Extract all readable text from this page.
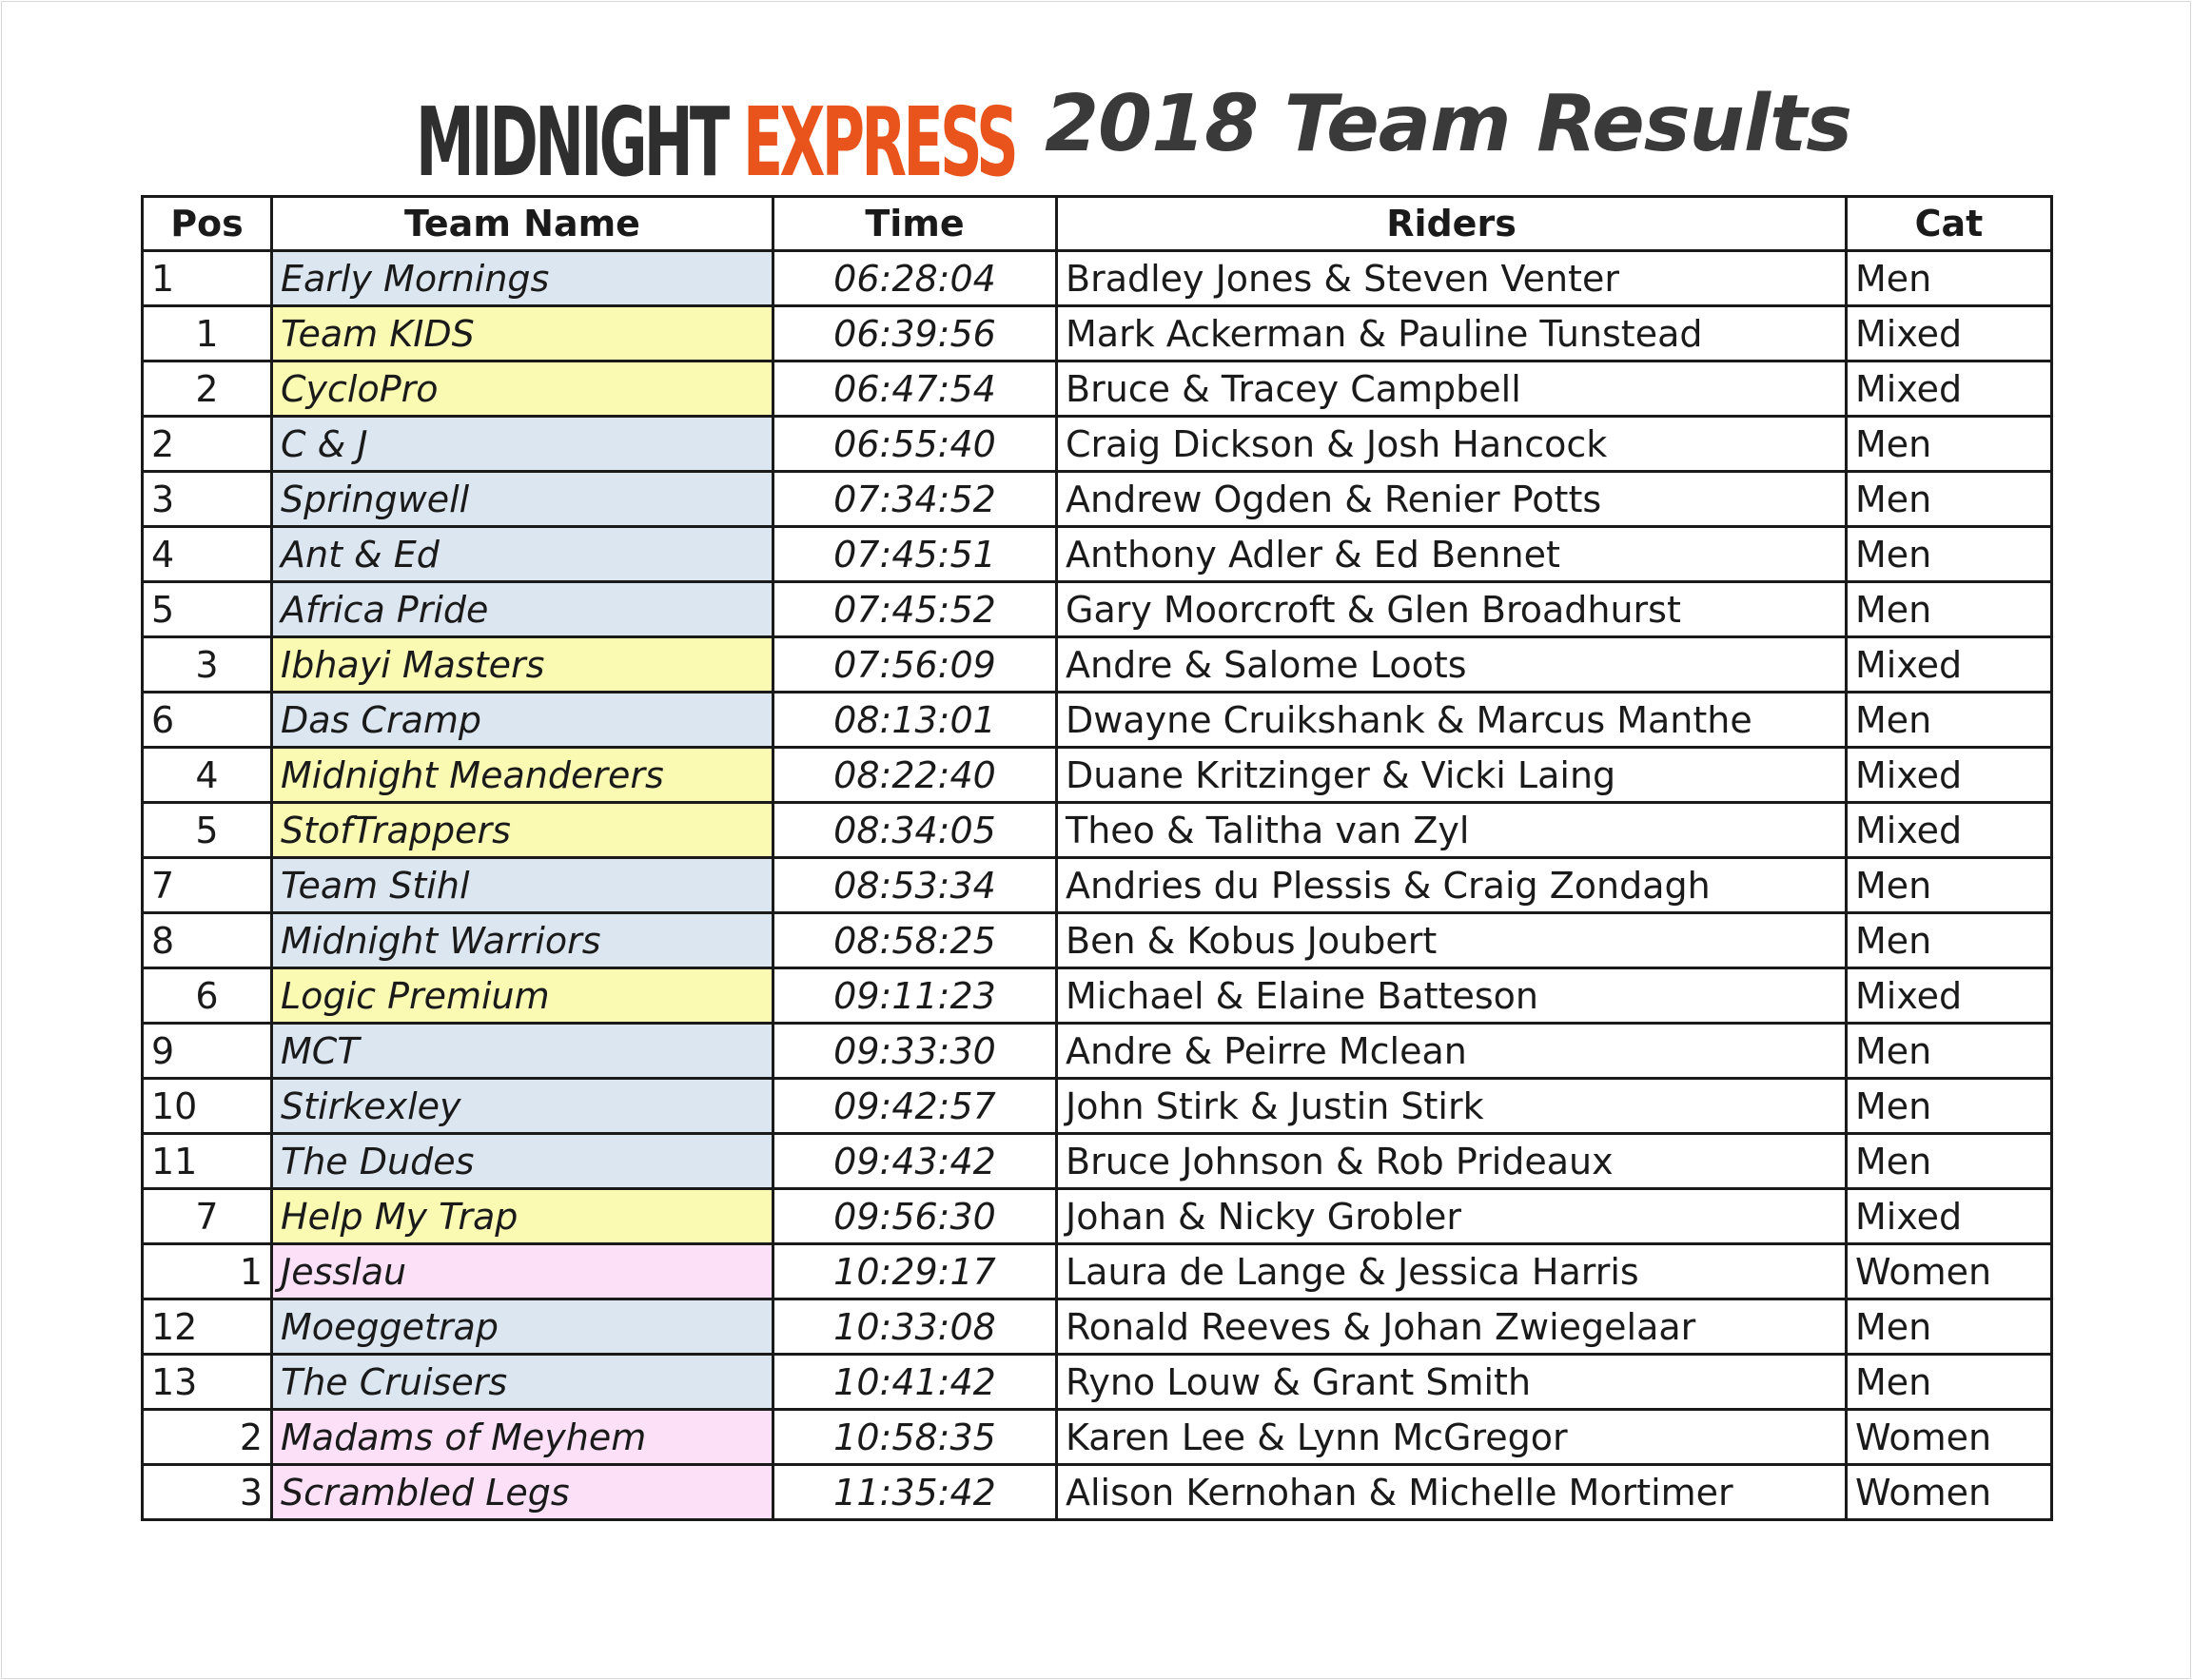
MIDNIGHT EXPRESS 2018 Team Results
Pos	Team Name	Time	Riders	Cat
1	Early Mornings	06:28:04	Bradley Jones & Steven Venter	Men
1	Team KIDS	06:39:56	Mark Ackerman & Pauline Tunstead	Mixed
2	CycloPro	06:47:54	Bruce & Tracey Campbell	Mixed
2	C & J	06:55:40	Craig Dickson & Josh Hancock	Men
3	Springwell	07:34:52	Andrew Ogden & Renier Potts	Men
4	Ant & Ed	07:45:51	Anthony Adler & Ed Bennet	Men
5	Africa Pride	07:45:52	Gary Moorcroft & Glen Broadhurst	Men
3	Ibhayi Masters	07:56:09	Andre & Salome Loots	Mixed
6	Das Cramp	08:13:01	Dwayne Cruikshank & Marcus Manthe	Men
4	Midnight Meanderers	08:22:40	Duane Kritzinger & Vicki Laing	Mixed
5	StofTrappers	08:34:05	Theo & Talitha van Zyl	Mixed
7	Team Stihl	08:53:34	Andries du Plessis & Craig Zondagh	Men
8	Midnight Warriors	08:58:25	Ben & Kobus Joubert	Men
6	Logic Premium	09:11:23	Michael & Elaine Batteson	Mixed
9	MCT	09:33:30	Andre & Peirre Mclean	Men
10	Stirkexley	09:42:57	John Stirk & Justin Stirk	Men
11	The Dudes	09:43:42	Bruce Johnson & Rob Prideaux	Men
7	Help My Trap	09:56:30	Johan & Nicky Grobler	Mixed
1	Jesslau	10:29:17	Laura de Lange & Jessica Harris	Women
12	Moeggetrap	10:33:08	Ronald Reeves & Johan Zwiegelaar	Men
13	The Cruisers	10:41:42	Ryno Louw & Grant Smith	Men
2	Madams of Meyhem	10:58:35	Karen Lee & Lynn McGregor	Women
3	Scrambled Legs	11:35:42	Alison Kernohan & Michelle Mortimer	Women
